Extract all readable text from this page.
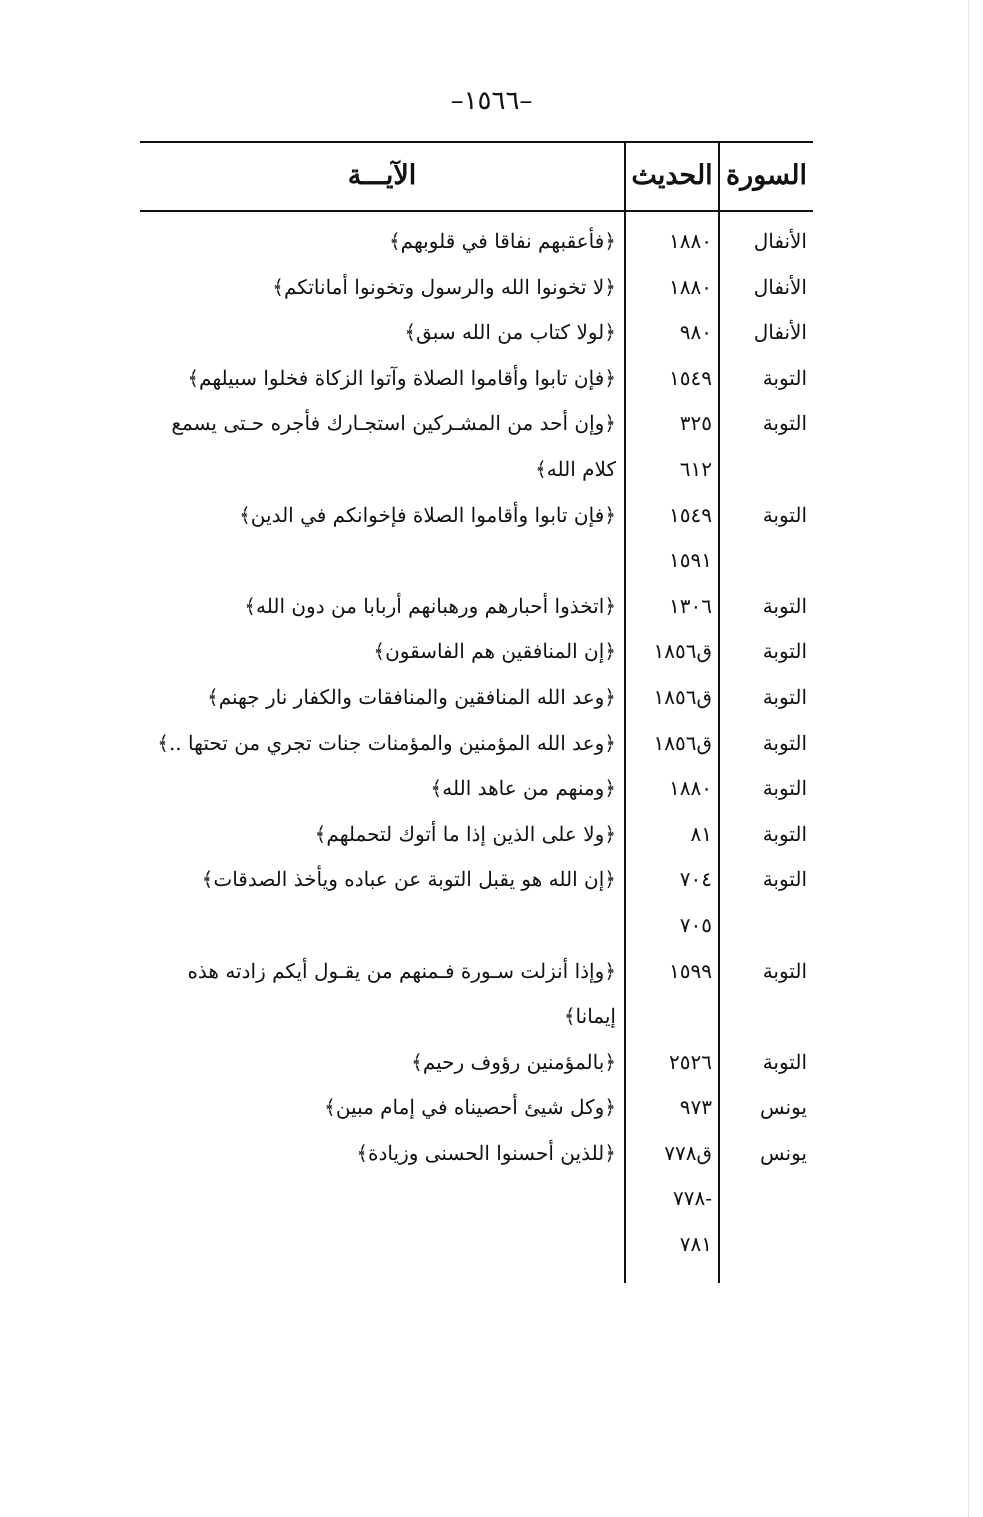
–١٥٦٦–
السورة
الحديث
الآيـــة
الأنفال
١٨٨٠
﴿فأعقبهم نفاقا في قلوبهم﴾
الأنفال
١٨٨٠
﴿لا تخونوا الله والرسول وتخونوا أماناتكم﴾
الأنفال
٩٨٠
﴿لولا كتاب من الله سبق﴾
التوبة
١٥٤٩
﴿فإن تابوا وأقاموا الصلاة وآتوا الزكاة فخلوا سبيلهم﴾
التوبة
٣٢٥
﴿وإن أحد من المشـركين استجـارك فأجره حـتى يسمع
٦١٢
كلام الله﴾
التوبة
١٥٤٩
﴿فإن تابوا وأقاموا الصلاة فإخوانكم في الدين﴾
١٥٩١
التوبة
١٣٠٦
﴿اتخذوا أحبارهم ورهبانهم أربابا من دون الله﴾
التوبة
ق١٨٥٦
﴿إن المنافقين هم الفاسقون﴾
التوبة
ق١٨٥٦
﴿وعد الله المنافقين والمنافقات والكفار نار جهنم﴾
التوبة
ق١٨٥٦
﴿وعد الله المؤمنين والمؤمنات جنات تجري من تحتها ..﴾
التوبة
١٨٨٠
﴿ومنهم من عاهد الله﴾
التوبة
٨١
﴿ولا على الذين إذا ما أتوك لتحملهم﴾
التوبة
٧٠٤
﴿إن الله هو يقبل التوبة عن عباده ويأخذ الصدقات﴾
٧٠٥
التوبة
١٥٩٩
﴿وإذا أنزلت سـورة فـمنهم من يقـول أيكم زادته هذه
إيمانا﴾
التوبة
٢٥٢٦
﴿بالمؤمنين رؤوف رحيم﴾
يونس
٩٧٣
﴿وكل شيئ أحصيناه في إمام مبين﴾
يونس
ق٧٧٨
﴿للذين أحسنوا الحسنى وزيادة﴾
-٧٧٨
٧٨١
